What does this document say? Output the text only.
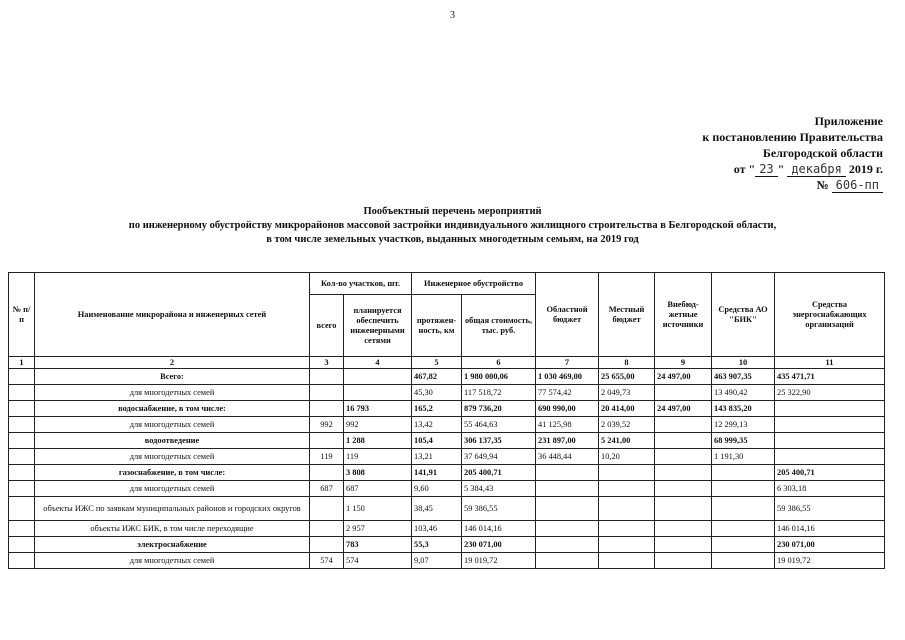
3
Приложение
к постановлению Правительства
Белгородской области
от " 23 " декабря 2019 г.
№ 606-пп
Пообъектный перечень мероприятий
по инженерному обустройству микрорайонов массовой застройки индивидуального жилищного строительства в Белгородской области,
в том числе земельных участков, выданных многодетным семьям, на 2019 год
№ п/п	Наименование микрорайона и инженерных сетей	Кол-во участков, шт.		Инженерное обустройство		Областной бюджет	Местный бюджет	Внебюд-жетные источники	Средства АО "БИК"	Средства энергоснабжающих организаций
		всего	планируется обеспечить инженерными сетями	протяжен-ность, км	общая стоимость, тыс. руб.					
1	2	3	4	5	6	7	8	9	10	11
	Всего:			467,82	1 980 000,06	1 030 469,00	25 655,00	24 497,00	463 907,35	435 471,71
	для многодетных семей			45,30	117 518,72	77 574,42	2 049,73		13 490,42	25 322,90
	водоснабжение, в том числе:		16 793	165,2	879 736,20	690 990,00	20 414,00	24 497,00	143 835,20	
	для многодетных семей	992	992	13,42	55 464,63	41 125,98	2 039,52		12 299,13	
	водоотведение		1 288	105,4	306 137,35	231 897,00	5 241,00		68 999,35	
	для многодетных семей	119	119	13,21	37 649,94	36 448,44	10,20		1 191,30	
	газоснабжение, в том числе:		3 808	141,91	205 400,71					205 400,71
	для многодетных семей	687	687	9,60	5 384,43					6 303,18
	объекты ИЖС по заявкам муниципальных районов и городских округов		1 150	38,45	59 386,55					59 386,55
	объекты ИЖС БИК, в том числе переходящие		2 957	103,46	146 014,16					146 014,16
	электроснабжение		783	55,3	230 071,00					230 071,00
	для многодетных семей	574	574	9,07	19 019,72					19 019,72
